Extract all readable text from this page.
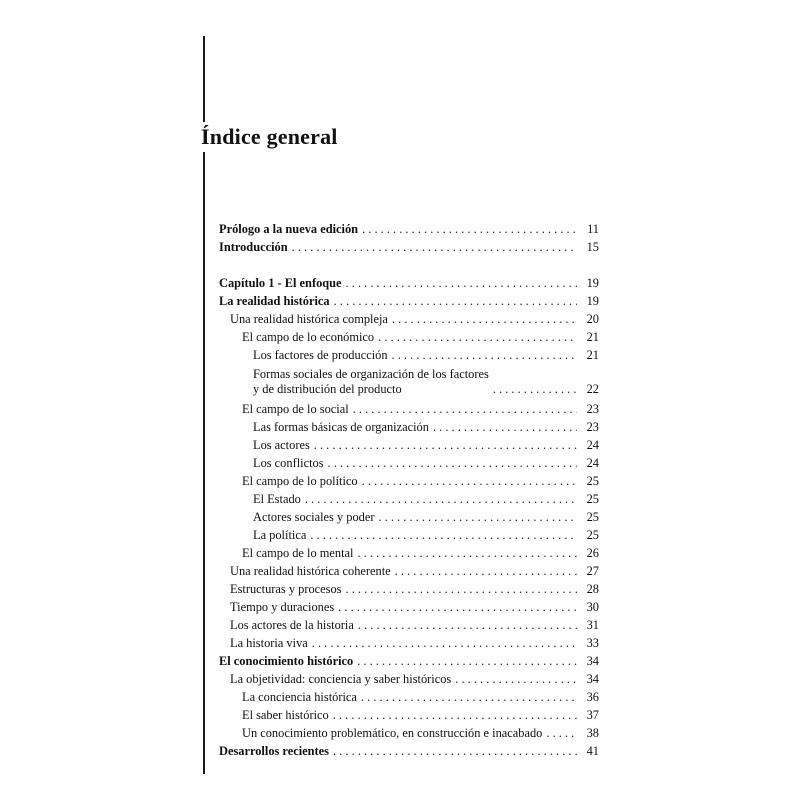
Índice general
Prólogo a la nueva edición . . .	11
Introducción . . .	15
Capítulo 1 - El enfoque . . .	19
La realidad histórica . . .	19
Una realidad histórica compleja . . .	20
El campo de lo económico . . .	21
Los factores de producción . . .	21
Formas sociales de organización de los factores
y de distribución del producto . . .	22
El campo de lo social . . .	23
Las formas básicas de organización . . .	23
Los actores . . .	24
Los conflictos . . .	24
El campo de lo político . . .	25
El Estado . . .	25
Actores sociales y poder . . .	25
La política . . .	25
El campo de lo mental . . .	26
Una realidad histórica coherente . . .	27
Estructuras y procesos . . .	28
Tiempo y duraciones . . .	30
Los actores de la historia . . .	31
La historia viva . . .	33
El conocimiento histórico . . .	34
La objetividad: conciencia y saber históricos . . .	34
La conciencia histórica . . .	36
El saber histórico . . .	37
Un conocimiento problemático, en construcción e inacabado . . .	38
Desarrollos recientes . . .	41
